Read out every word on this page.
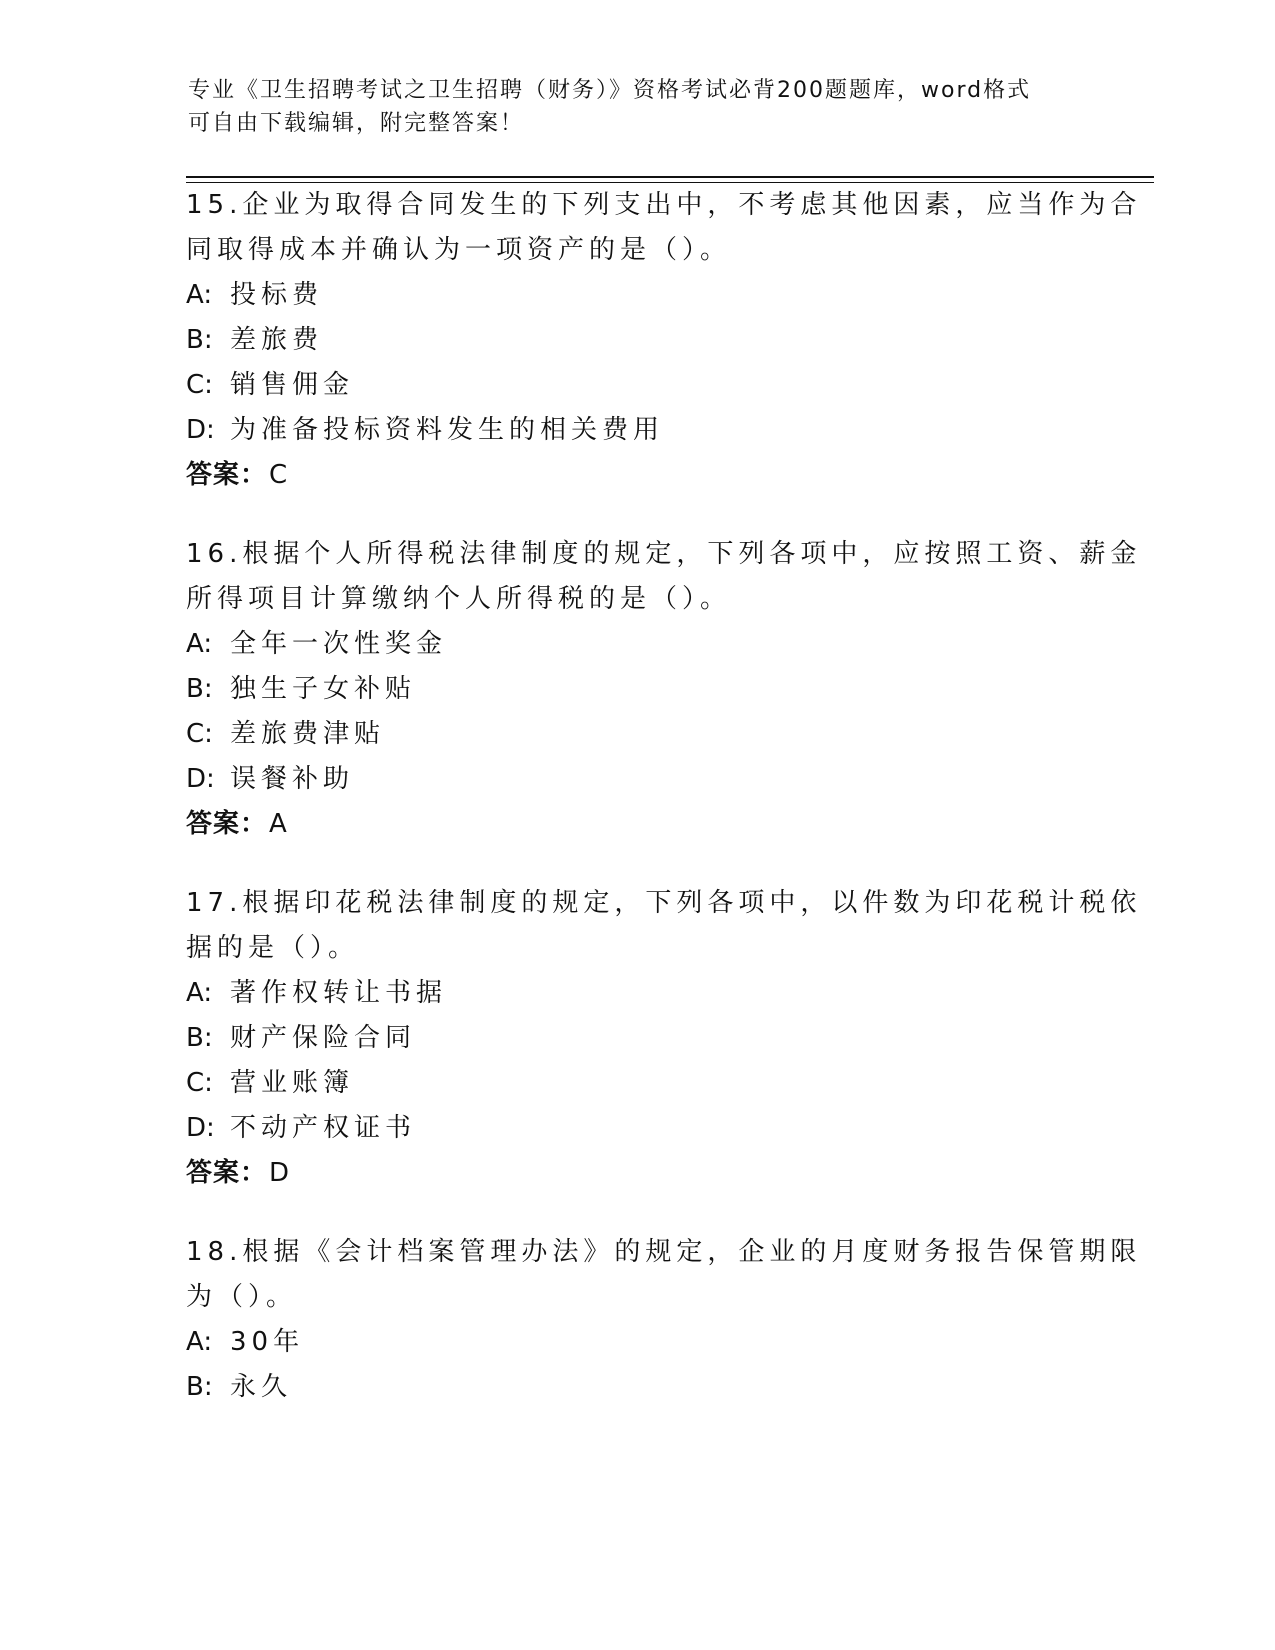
专业《卫生招聘考试之卫生招聘（财务）》资格考试必背200题题库，word格式
可自由下载编辑，附完整答案！

15.企业为取得合同发生的下列支出中，不考虑其他因素，应当作为合
同取得成本并确认为一项资产的是（）。

A: 投标费
B: 差旅费
C: 销售佣金
D: 为准备投标资料发生的相关费用
答案：C

16.根据个人所得税法律制度的规定，下列各项中，应按照工资、薪金
所得项目计算缴纳个人所得税的是（）。

A: 全年一次性奖金
B: 独生子女补贴
C: 差旅费津贴
D: 误餐补助
答案：A

17.根据印花税法律制度的规定，下列各项中，以件数为印花税计税依
据的是（）。

A: 著作权转让书据
B: 财产保险合同
C: 营业账簿
D: 不动产权证书
答案：D

18.根据《会计档案管理办法》的规定，企业的月度财务报告保管期限
为（）。

A: 30年
B: 永久
